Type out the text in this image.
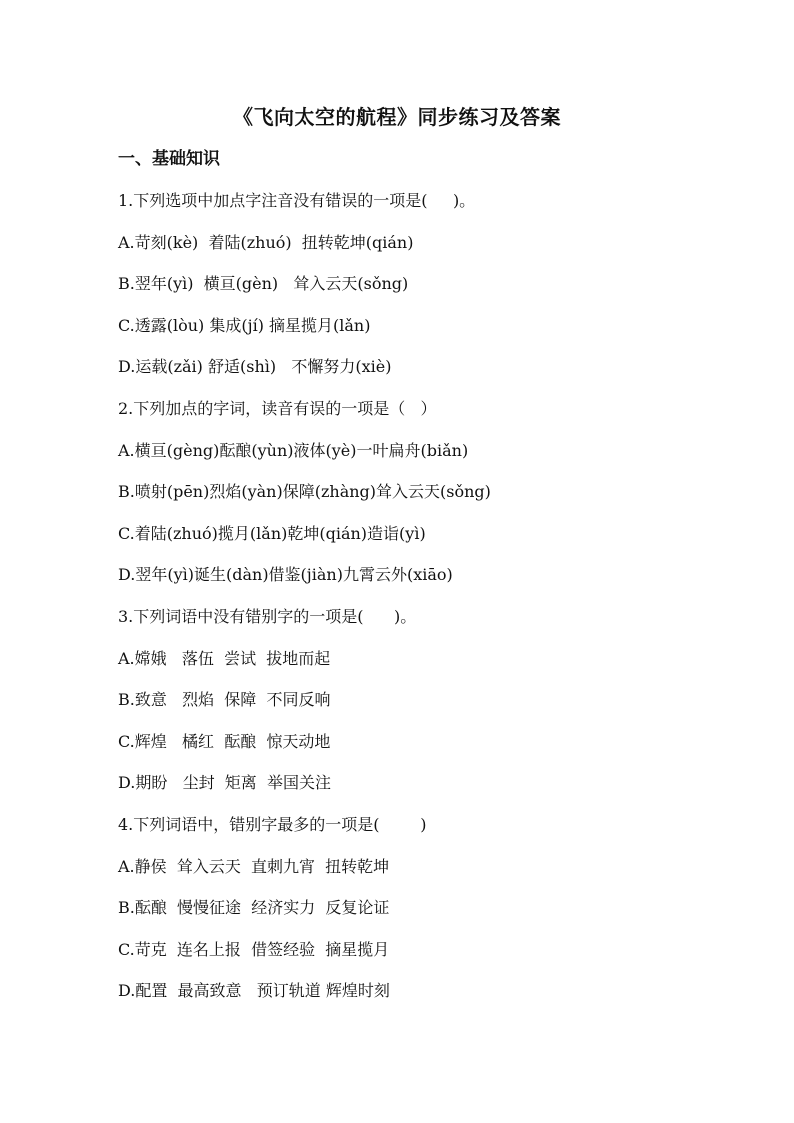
《飞向太空的航程》同步练习及答案
一、基础知识
1.下列选项中加点字注音没有错误的一项是(     )。
A.苛刻(kè)  着陆(zhuó)  扭转乾坤(qián)
B.翌年(yì)  横亘(gèn)   耸入云天(sǒng)
C.透露(lòu) 集成(jí) 摘星揽月(lǎn)
D.运载(zǎi) 舒适(shì)   不懈努力(xiè)
2.下列加点的字词，读音有误的一项是（   ）
A.横亘(gèng)酝酿(yùn)液体(yè)一叶扁舟(biǎn)
B.喷射(pēn)烈焰(yàn)保障(zhàng)耸入云天(sǒng)
C.着陆(zhuó)揽月(lǎn)乾坤(qián)造诣(yì)
D.翌年(yì)诞生(dàn)借鉴(jiàn)九霄云外(xiāo)
3.下列词语中没有错别字的一项是(      )。
A.嫦娥   落伍  尝试  拔地而起
B.致意   烈焰  保障  不同反响
C.辉煌   橘红  酝酿  惊天动地
D.期盼   尘封  矩离  举国关注
4.下列词语中，错别字最多的一项是(        )
A.静侯  耸入云天  直刺九宵  扭转乾坤
B.酝酿  慢慢征途  经济实力  反复论证
C.苛克  连名上报  借签经验  摘星揽月
D.配置  最高致意   预订轨道 辉煌时刻
